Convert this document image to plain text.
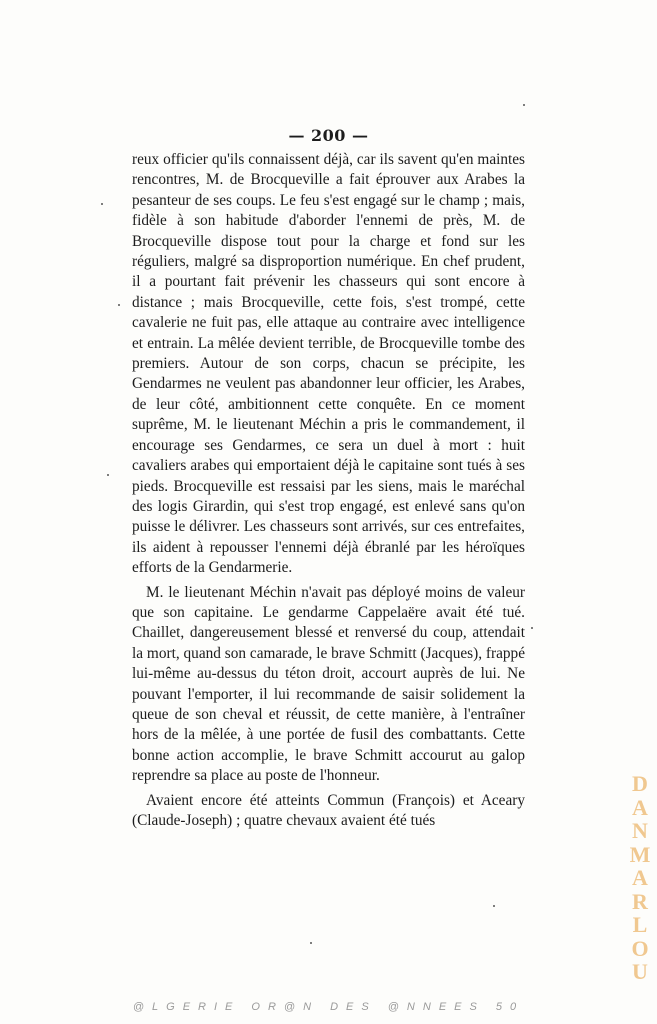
— 200 —

reux officier qu'ils connaissent déjà, car ils savent qu'en maintes rencontres, M. de Brocqueville a fait éprouver aux Arabes la pesanteur de ses coups. Le feu s'est engagé sur le champ ; mais, fidèle à son habitude d'aborder l'ennemi de près, M. de Brocqueville dispose tout pour la charge et fond sur les réguliers, malgré sa disproportion numérique. En chef prudent, il a pourtant fait prévenir les chasseurs qui sont encore à distance ; mais Brocqueville, cette fois, s'est trompé, cette cavalerie ne fuit pas, elle attaque au contraire avec intelligence et entrain. La mêlée devient terrible, de Brocqueville tombe des premiers. Autour de son corps, chacun se précipite, les Gendarmes ne veulent pas abandonner leur officier, les Arabes, de leur côté, ambitionnent cette conquête. En ce moment suprême, M. le lieutenant Méchin a pris le commandement, il encourage ses Gendarmes, ce sera un duel à mort : huit cavaliers arabes qui emportaient déjà le capitaine sont tués à ses pieds. Brocqueville est ressaisi par les siens, mais le maréchal des logis Girardin, qui s'est trop engagé, est enlevé sans qu'on puisse le délivrer. Les chasseurs sont arrivés, sur ces entrefaites, ils aident à repousser l'ennemi déjà ébranlé par les héroïques efforts de la Gendarmerie.

M. le lieutenant Méchin n'avait pas déployé moins de valeur que son capitaine. Le gendarme Cappelaëre avait été tué. Chaillet, dangereusement blessé et renversé du coup, attendait la mort, quand son camarade, le brave Schmitt (Jacques), frappé lui-même au-dessus du téton droit, accourt auprès de lui. Ne pouvant l'emporter, il lui recommande de saisir solidement la queue de son cheval et réussit, de cette manière, à l'entraîner hors de la mêlée, à une portée de fusil des combattants. Cette bonne action accomplie, le brave Schmitt accourut au galop reprendre sa place au poste de l'honneur.

Avaient encore été atteints Commun (François) et Aceary (Claude-Joseph) ; quatre chevaux avaient été tués

DANMARLOU
@LGERIE OR@N DES @NNEES 50
